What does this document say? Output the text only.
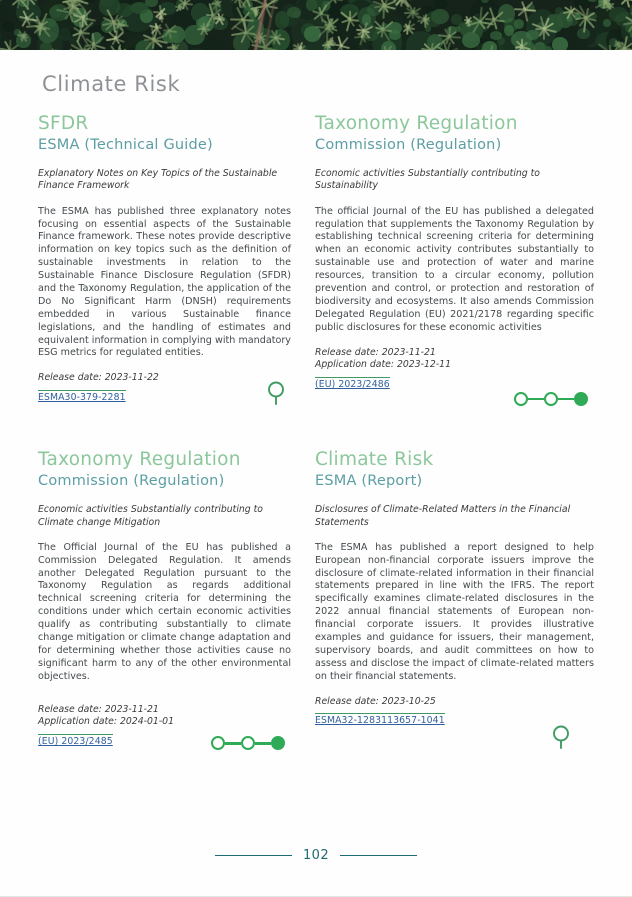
Climate Risk
SFDR
ESMA (Technical Guide)
Explanatory Notes on Key Topics of the Sustainable Finance Framework
The ESMA has published three explanatory notes focusing on essential aspects of the Sustainable Finance framework. These notes provide descriptive information on key topics such as the definition of sustainable investments in relation to the Sustainable Finance Disclosure Regulation (SFDR) and the Taxonomy Regulation, the application of the Do No Significant Harm (DNSH) requirements embedded in various Sustainable finance legislations, and the handling of estimates and equivalent information in complying with mandatory ESG metrics for regulated entities.
Release date: 2023-11-22
ESMA30-379-2281
Taxonomy Regulation
Commission (Regulation)
Economic activities Substantially contributing to Sustainability
The official Journal of the EU has published a delegated regulation that supplements the Taxonomy Regulation by establishing technical screening criteria for determining when an economic activity contributes substantially to sustainable use and protection of water and marine resources, transition to a circular economy, pollution prevention and control, or protection and restoration of biodiversity and ecosystems. It also amends Commission Delegated Regulation (EU) 2021/2178 regarding specific public disclosures for these economic activities
Release date: 2023-11-21
Application date: 2023-12-11
(EU) 2023/2486
Taxonomy Regulation
Commission (Regulation)
Economic activities Substantially contributing to Climate change Mitigation
The Official Journal of the EU has published a Commission Delegated Regulation. It amends another Delegated Regulation pursuant to the Taxonomy Regulation as regards additional technical screening criteria for determining the conditions under which certain economic activities qualify as contributing substantially to climate change mitigation or climate change adaptation and for determining whether those activities cause no significant harm to any of the other environmental objectives.
Release date: 2023-11-21
Application date: 2024-01-01
(EU) 2023/2485
Climate Risk
ESMA (Report)
Disclosures of Climate-Related Matters in the Financial Statements
The ESMA has published a report designed to help European non-financial corporate issuers improve the disclosure of climate-related information in their financial statements prepared in line with the IFRS. The report specifically examines climate-related disclosures in the 2022 annual financial statements of European non-financial corporate issuers. It provides illustrative examples and guidance for issuers, their management, supervisory boards, and audit committees on how to assess and disclose the impact of climate-related matters on their financial statements.
Release date: 2023-10-25
ESMA32-1283113657-1041
102
